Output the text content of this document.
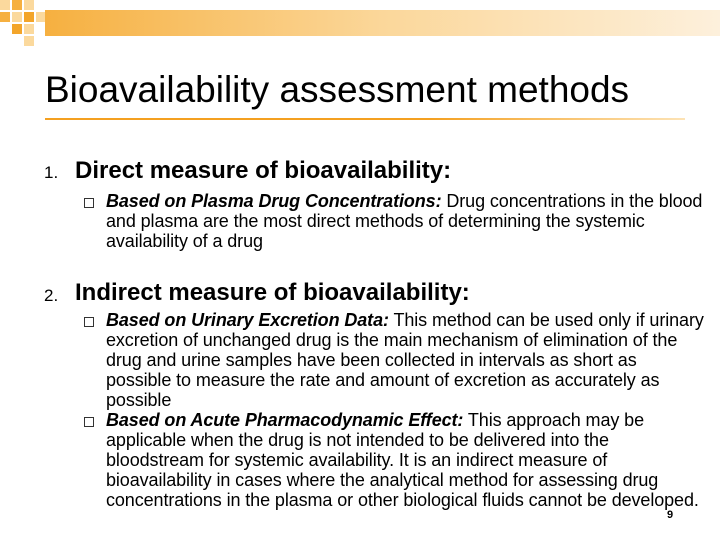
Bioavailability assessment methods
1. Direct measure of bioavailability:
Based on Plasma Drug Concentrations: Drug concentrations in the blood and plasma are the most direct methods of determining the systemic availability of a drug
2. Indirect measure of bioavailability:
Based on Urinary Excretion Data: This method can be used only if urinary excretion of unchanged drug is the main mechanism of elimination of the drug and urine samples have been collected in intervals as short as possible to measure the rate and amount of excretion as accurately as possible
Based on Acute Pharmacodynamic Effect: This approach may be applicable when the drug is not intended to be delivered into the bloodstream for systemic availability. It is an indirect measure of bioavailability in cases where the analytical method for assessing drug concentrations in the plasma or other biological fluids cannot be developed.
9
